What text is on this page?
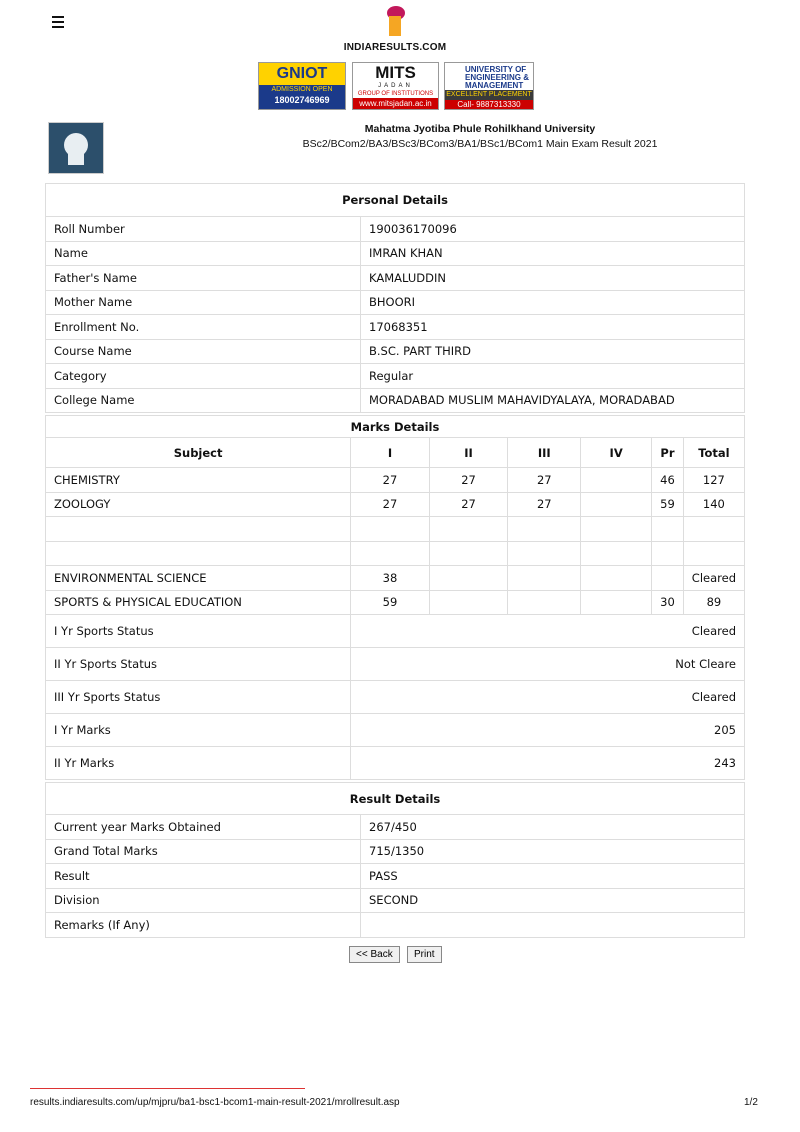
INDIARESULTS.COM
GNIOT
ADMISSION OPEN
18002746969
MITS
JADAN
GROUP OF INSTITUTIONS
www.mitsjadan.ac.in
UNIVERSITY OF ENGINEERING & MANAGEMENT
EXCELLENT PLACEMENT
Call- 9887313330
Mahatma Jyotiba Phule Rohilkhand University
BSc2/BCom2/BA3/BSc3/BCom3/BA1/BSc1/BCom1 Main Exam Result 2021
Personal Details	
Roll Number	190036170096
Name	IMRAN KHAN
Father's Name	KAMALUDDIN
Mother Name	BHOORI
Enrollment No.	17068351
Course Name	B.SC. PART THIRD
Category	Regular
College Name	MORADABAD MUSLIM MAHAVIDYALAYA, MORADABAD
Marks Details						
Subject	I	II	III	IV	Pr	Total
CHEMISTRY	27	27	27		46	127
ZOOLOGY	27	27	27		59	140

ENVIRONMENTAL SCIENCE	38					Cleared
SPORTS & PHYSICAL EDUCATION	59				30	89
I Yr Sports Status	Cleared					
II Yr Sports Status	Not Cleare					
III Yr Sports Status	Cleared					
I Yr Marks	205					
II Yr Marks	243					
Result Details	
Current year Marks Obtained	267/450
Grand Total Marks	715/1350
Result	PASS
Division	SECOND
Remarks (If Any)	
<< Back	Print
results.indiaresults.com/up/mjpru/ba1-bsc1-bcom1-main-result-2021/mrollresult.asp	1/2
